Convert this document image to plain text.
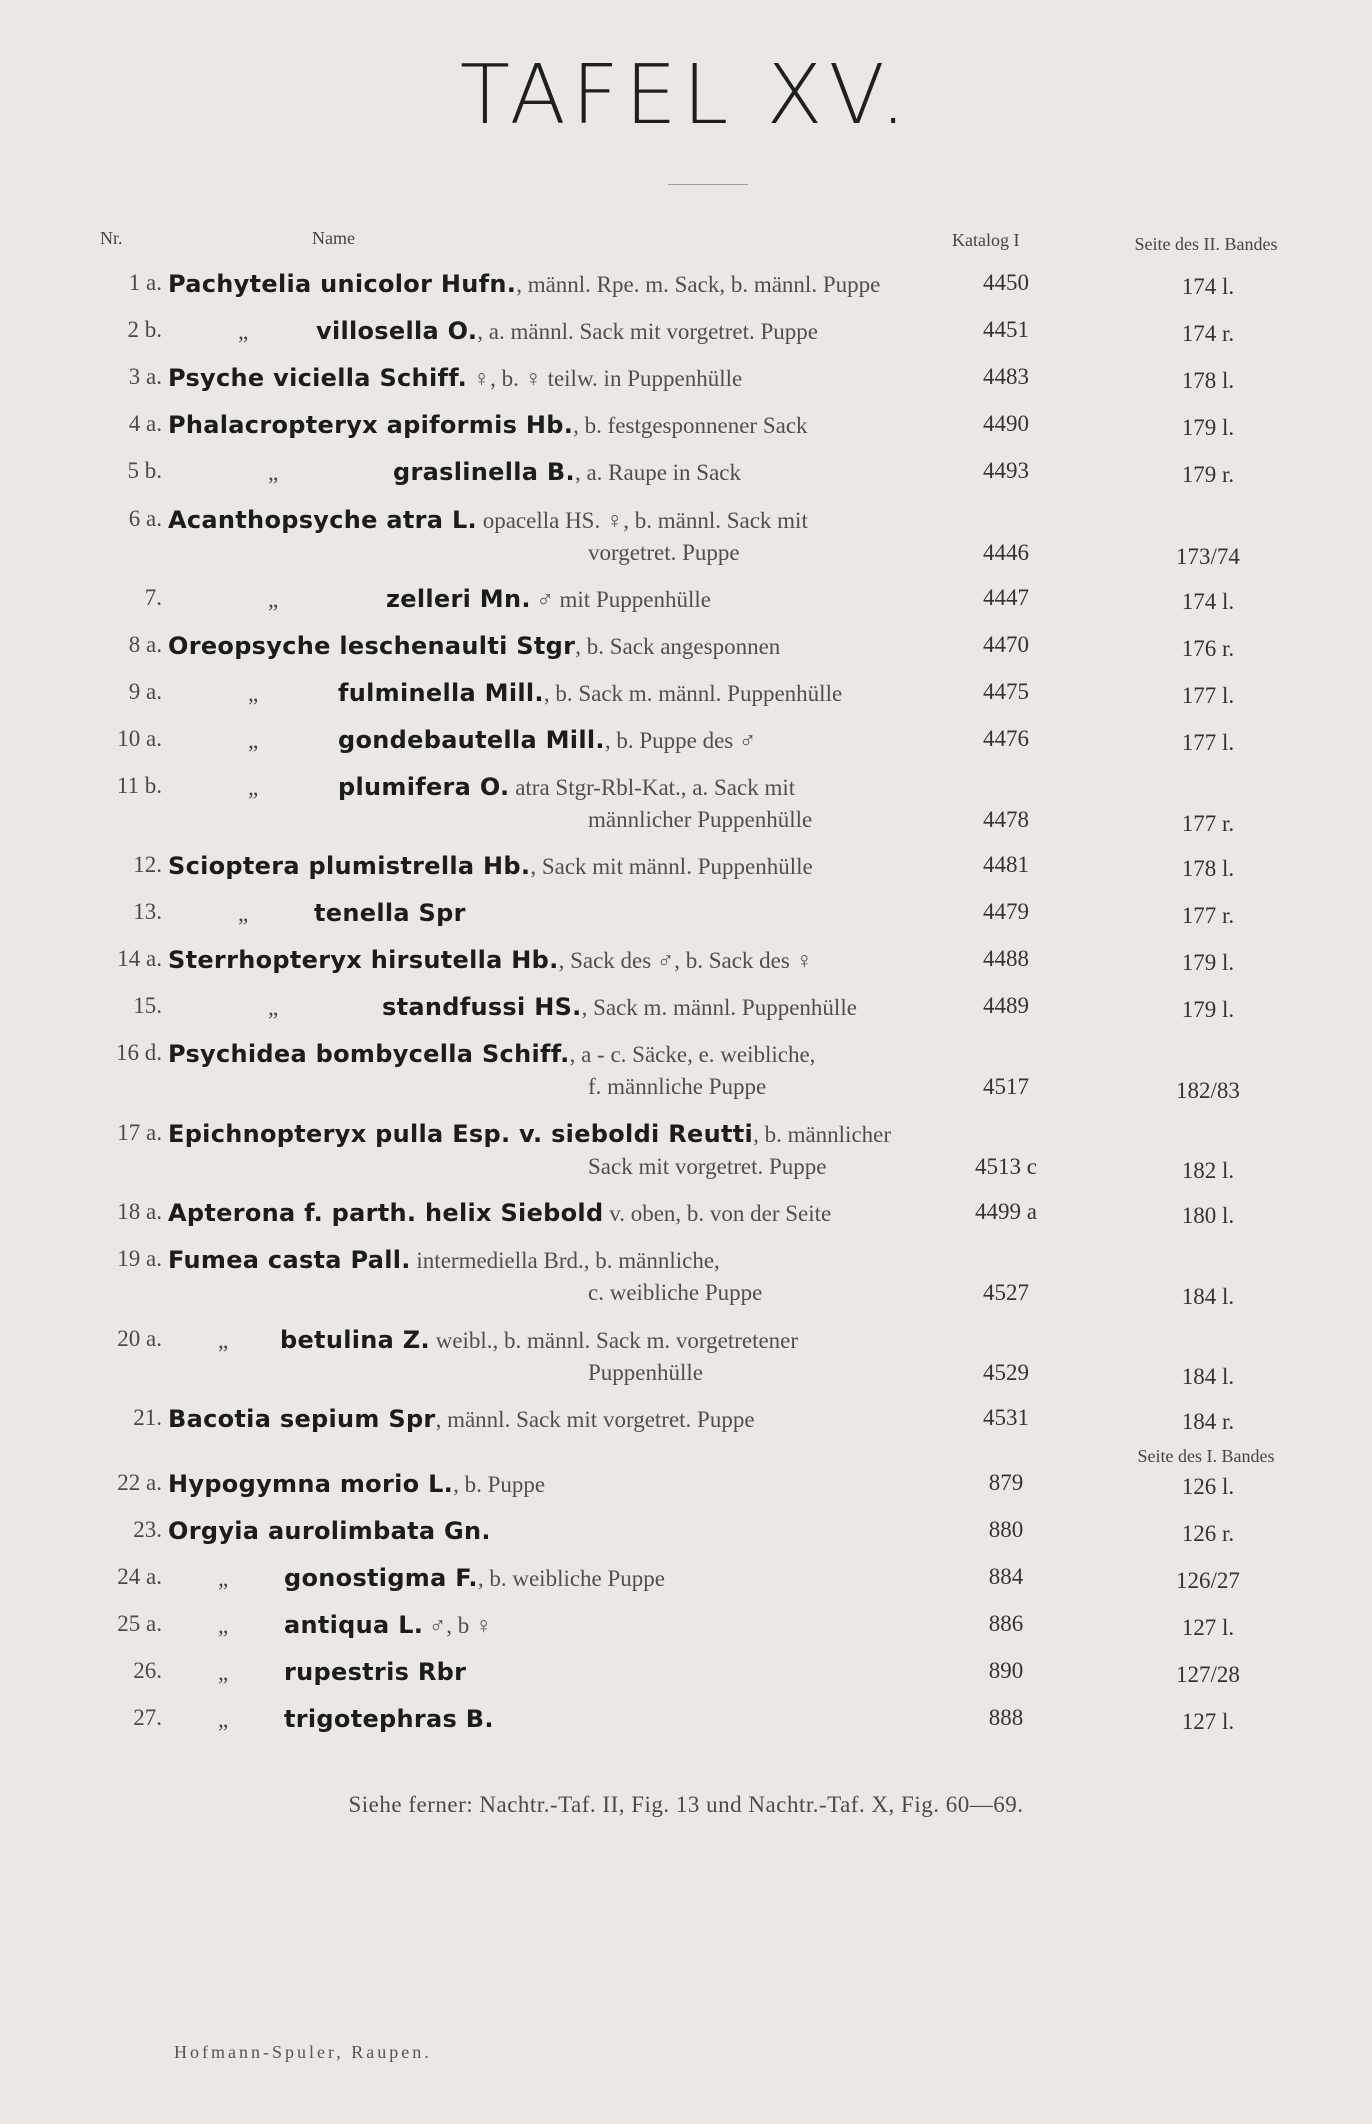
TAFEL XV.
Nr.	Name	Katalog I	Seite des II. Bandes
1 a. Pachytelia unicolor Hufn., männl. Rpe. m. Sack, b. männl. Puppe	4450	174 l.
2 b.	„	villosella O., a. männl. Sack mit vorgetret. Puppe	4451	174 r.
3 a. Psyche viciella Schiff. ♀, b. ♀ teilw. in Puppenhülle	4483	178 l.
4 a. Phalacropteryx apiformis Hb., b. festgesponnener Sack	4490	179 l.
5 b.	„	graslinella B., a. Raupe in Sack	4493	179 r.
6 a. Acanthopsyche atra L. opacella HS. ♀, b. männl. Sack mit
vorgetret. Puppe	4446	173/74
7.	„	zelleri Mn. ♂ mit Puppenhülle	4447	174 l.
8 a. Oreopsyche leschenaulti Stgr, b. Sack angesponnen	4470	176 r.
9 a.	„	fulminella Mill., b. Sack m. männl. Puppenhülle	4475	177 l.
10 a.	„	gondebautella Mill., b. Puppe des ♂	4476	177 l.
11 b.	„	plumifera O. atra Stgr-Rbl-Kat., a. Sack mit
männlicher Puppenhülle	4478	177 r.
12. Scioptera plumistrella Hb., Sack mit männl. Puppenhülle	4481	178 l.
13.	„	tenella Spr	4479	177 r.
14 a. Sterrhopteryx hirsutella Hb., Sack des ♂, b. Sack des ♀	4488	179 l.
15.	„	standfussi HS., Sack m. männl. Puppenhülle	4489	179 l.
16 d. Psychidea bombycella Schiff., a - c. Säcke, e. weibliche,
f. männliche Puppe	4517	182/83
17 a. Epichnopteryx pulla Esp. v. sieboldi Reutti, b. männlicher
Sack mit vorgetret. Puppe	4513 c	182 l.
18 a. Apterona f. parth. helix Siebold v. oben, b. von der Seite	4499 a	180 l.
19 a. Fumea casta Pall. intermediella Brd., b. männliche,
c. weibliche Puppe	4527	184 l.
20 a.	„ betulina Z. weibl., b. männl. Sack m. vorgetretener
Puppenhülle	4529	184 l.
21. Bacotia sepium Spr, männl. Sack mit vorgetret. Puppe	4531	184 r.
22 a. Hypogymna morio L., b. Puppe	879	126 l.
23. Orgyia aurolimbata Gn.	880	126 r.
24 a.	„ gonostigma F., b. weibliche Puppe	884	126/27
25 a.	„ antiqua L. ♂, b ♀	886	127 l.
26.	„ rupestris Rbr	890	127/28
27.	„ trigotephras B.	888	127 l.
Seite des I. Bandes
Siehe ferner: Nachtr.-Taf. II, Fig. 13 und Nachtr.-Taf. X, Fig. 60—69.
Hofmann-Spuler, Raupen.
